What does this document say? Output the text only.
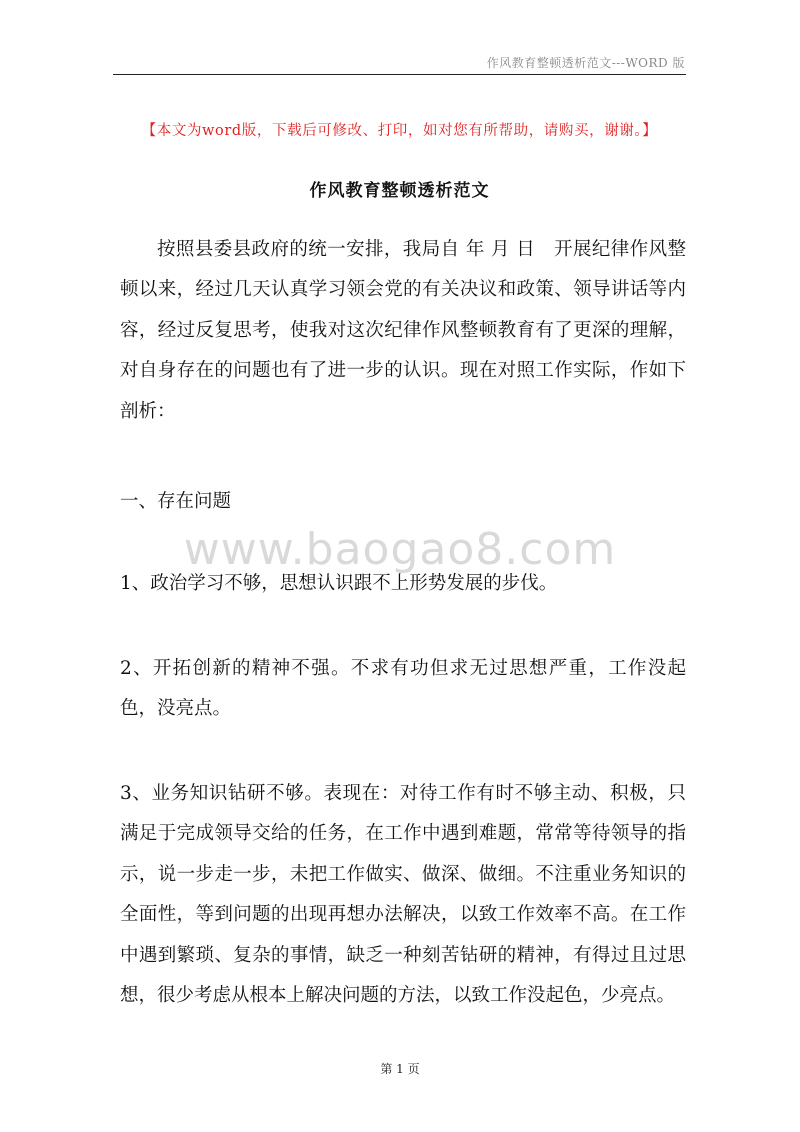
作风教育整顿透析范文---WORD 版
【本文为word版，下载后可修改、打印，如对您有所帮助，请购买，谢谢。】
作风教育整顿透析范文

按照县委县政府的统一安排，我局自 年 月 日　开展纪律作风整顿以来，经过几天认真学习领会党的有关决议和政策、领导讲话等内容，经过反复思考，使我对这次纪律作风整顿教育有了更深的理解，对自身存在的问题也有了进一步的认识。现在对照工作实际，作如下剖析：

一、存在问题

www.baogao8.com

1、政治学习不够，思想认识跟不上形势发展的步伐。

2、开拓创新的精神不强。不求有功但求无过思想严重，工作没起色，没亮点。

3、业务知识钻研不够。表现在：对待工作有时不够主动、积极，只满足于完成领导交给的任务，在工作中遇到难题，常常等待领导的指示，说一步走一步，未把工作做实、做深、做细。不注重业务知识的全面性，等到问题的出现再想办法解决，以致工作效率不高。在工作中遇到繁琐、复杂的事情，缺乏一种刻苦钻研的精神，有得过且过思想，很少考虑从根本上解决问题的方法，以致工作没起色，少亮点。

第 1 页
